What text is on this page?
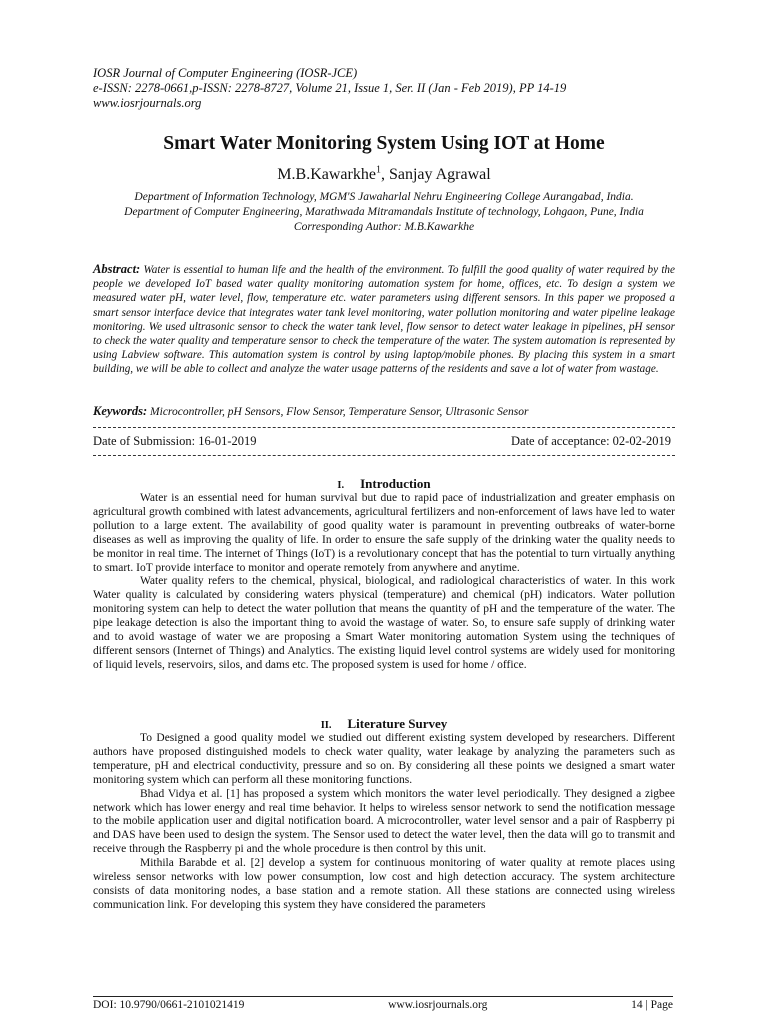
IOSR Journal of Computer Engineering (IOSR-JCE)
e-ISSN: 2278-0661,p-ISSN: 2278-8727, Volume 21, Issue 1, Ser. II (Jan - Feb 2019), PP 14-19
www.iosrjournals.org
Smart Water Monitoring System Using IOT at Home
M.B.Kawarkhe$^1$, Sanjay Agrawal
Department of Information Technology, MGM'S Jawaharlal Nehru Engineering College Aurangabad, India.
Department of Computer Engineering, Marathwada Mitramandals Institute of technology, Lohgaon, Pune, India
Corresponding Author: M.B.Kawarkhe
Abstract: Water is essential to human life and the health of the environment. To fulfill the good quality of water required by the people we developed IoT based water quality monitoring automation system for home, offices, etc. To design a system we measured water pH, water level, flow, temperature etc. water parameters using different sensors. In this paper we proposed a smart sensor interface device that integrates water tank level monitoring, water pollution monitoring and water pipeline leakage monitoring. We used ultrasonic sensor to check the water tank level, flow sensor to detect water leakage in pipelines, pH sensor to check the water quality and temperature sensor to check the temperature of the water. The system automation is represented by using Labview software. This automation system is control by using laptop/mobile phones. By placing this system in a smart building, we will be able to collect and analyze the water usage patterns of the residents and save a lot of water from wastage.
Keywords: Microcontroller, pH Sensors, Flow Sensor, Temperature Sensor, Ultrasonic Sensor
Date of Submission: 16-01-2019	Date of acceptance: 02-02-2019
I. Introduction

Water is an essential need for human survival but due to rapid pace of industrialization and greater emphasis on agricultural growth combined with latest advancements, agricultural fertilizers and non-enforcement of laws have led to water pollution to a large extent. The availability of good quality water is paramount in preventing outbreaks of water-borne diseases as well as improving the quality of life. In order to ensure the safe supply of the drinking water the quality needs to be monitor in real time. The internet of Things (IoT) is a revolutionary concept that has the potential to turn virtually anything to smart. IoT provide interface to monitor and operate remotely from anywhere and anytime.

Water quality refers to the chemical, physical, biological, and radiological characteristics of water. In this work Water quality is calculated by considering waters physical (temperature) and chemical (pH) indicators. Water pollution monitoring system can help to detect the water pollution that means the quantity of pH and the temperature of the water. The pipe leakage detection is also the important thing to avoid the wastage of water. So, to ensure safe supply of drinking water and to avoid wastage of water we are proposing a Smart Water monitoring automation System using the techniques of different sensors (Internet of Things) and Analytics. The existing liquid level control systems are widely used for monitoring of liquid levels, reservoirs, silos, and dams etc. The proposed system is used for home / office.

II. Literature Survey

To Designed a good quality model we studied out different existing system developed by researchers. Different authors have proposed distinguished models to check water quality, water leakage by analyzing the parameters such as temperature, pH and electrical conductivity, pressure and so on. By considering all these points we designed a smart water monitoring system which can perform all these monitoring functions.

Bhad Vidya et al. [1] has proposed a system which monitors the water level periodically. They designed a zigbee network which has lower energy and real time behavior. It helps to wireless sensor network to send the notification message to the mobile application user and digital notification board. A microcontroller, water level sensor and a pair of Raspberry pi and DAS have been used to design the system. The Sensor used to detect the water level, then the data will go to transmit and receive through the Raspberry pi and the whole procedure is then control by this unit.

Mithila Barabde et al. [2] develop a system for continuous monitoring of water quality at remote places using wireless sensor networks with low power consumption, low cost and high detection accuracy. The system architecture consists of data monitoring nodes, a base station and a remote station. All these stations are connected using wireless communication link. For developing this system they have considered the parameters

DOI: 10.9790/0661-2101021419	www.iosrjournals.org	14 | Page
